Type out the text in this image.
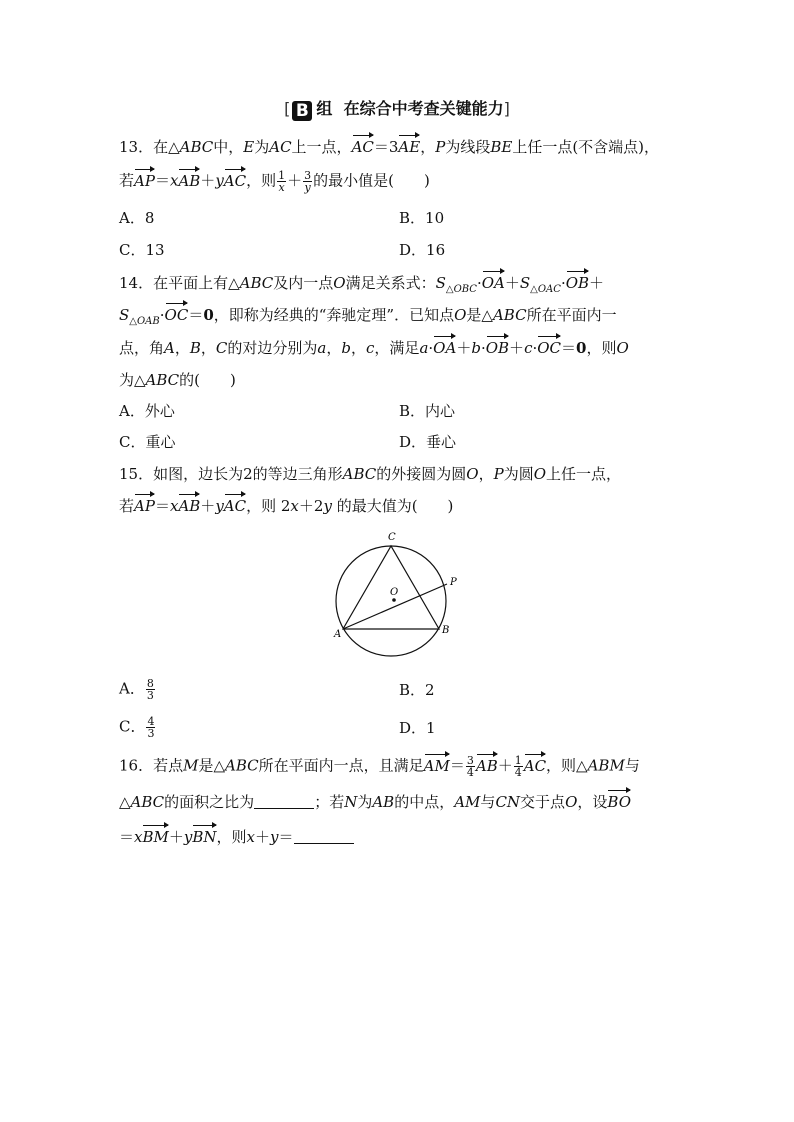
[ B 组 在综合中考查关键能力]
13．在△ABC中，E为AC上一点，AC＝3AE，P为线段BE上任一点(不含端点)，
若AP＝xAB＋yAC，则 $\frac{1}{x} + \frac{3}{y}$ 的最小值是(　　)
A．8	B．10
C．13	D．16
14．在平面上有△ABC及内一点O满足关系式：$S_{\triangle OBC}\cdot OA+S_{\triangle OAC}\cdot OB+$
$S_{\triangle OAB}\cdot OC=0$，即称为经典的“奔驰定理”．已知点O是△ABC所在平面内一
点，角A，B，C的对边分别为a，b，c，满足a·OA＋b·OB＋c·OC＝0，则O
为△ABC的(　　)
A．外心	B．内心
C．重心	D．垂心
15．如图，边长为2的等边三角形ABC的外接圆为圆O，P为圆O上任一点，
若AP＝xAB＋yAC，则 2x＋2y 的最大值为(　　)
C
A	B
O
P
A． $\frac{8}{3}$	B．2
C． $\frac{4}{3}$	D．1
16．若点M是△ABC所在平面内一点，且满足$AM= \frac{3}{4} AB+ \frac{1}{4}$ AC，则△ABM与
△ABC的面积之比为	；若N为AB的中点，AM与CN交于点O，设BO
＝xBM＋yBN，则x＋y＝
